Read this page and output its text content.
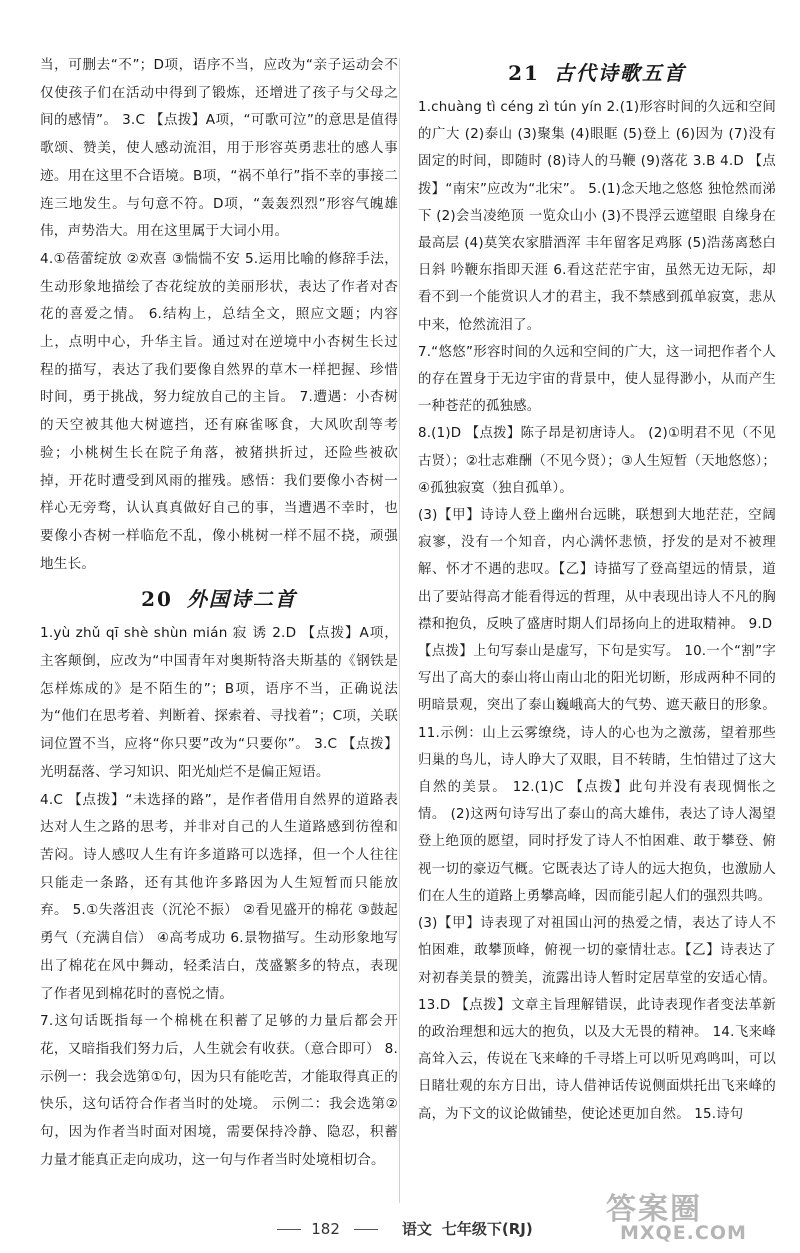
当，可删去“不”；D项，语序不当，应改为“亲子运动会不仅使孩子们在活动中得到了锻炼，还增进了孩子与父母之间的感情”。 3.C 【点拨】A项，“可歌可泣”的意思是值得歌颂、赞美，使人感动流泪，用于形容英勇悲壮的感人事迹。用在这里不合语境。B项，“祸不单行”指不幸的事接二连三地发生。与句意不符。D项，“轰轰烈烈”形容气魄雄伟，声势浩大。用在这里属于大词小用。

4.①蓓蕾绽放 ②欢喜 ③惴惴不安 5.运用比喻的修辞手法，生动形象地描绘了杏花绽放的美丽形状，表达了作者对杏花的喜爱之情。 6.结构上，总结全文，照应文题；内容上，点明中心，升华主旨。通过对在逆境中小杏树生长过程的描写，表达了我们要像自然界的草木一样把握、珍惜时间，勇于挑战，努力绽放自己的主旨。 7.遭遇：小杏树的天空被其他大树遮挡，还有麻雀啄食，大风吹刮等考验；小桃树生长在院子角落，被猪拱折过，还险些被砍掉，开花时遭受到风雨的摧残。感悟：我们要像小杏树一样心无旁骛，认认真真做好自己的事，当遭遇不幸时，也要像小杏树一样临危不乱，像小桃树一样不屈不挠，顽强地生长。

20 外国诗二首

1.yù zhǔ qī shè shùn mián 寂 诱 2.D 【点拨】A项，主客颠倒，应改为“中国青年对奥斯特洛夫斯基的《钢铁是怎样炼成的》是不陌生的”；B项，语序不当，正确说法为“他们在思考着、判断着、探索着、寻找着”；C项，关联词位置不当，应将“你只要”改为“只要你”。 3.C 【点拨】光明磊落、学习知识、阳光灿烂不是偏正短语。

4.C 【点拨】“未选择的路”，是作者借用自然界的道路表达对人生之路的思考，并非对自己的人生道路感到彷徨和苦闷。诗人感叹人生有许多道路可以选择，但一个人往往只能走一条路，还有其他许多路因为人生短暂而只能放弃。 5.①失落沮丧（沉沦不振） ②看见盛开的棉花 ③鼓起勇气（充满自信） ④高考成功 6.景物描写。生动形象地写出了棉花在风中舞动，轻柔洁白，茂盛繁多的特点，表现了作者见到棉花时的喜悦之情。

7.这句话既指每一个棉桃在积蓄了足够的力量后都会开花，又暗指我们努力后，人生就会有收获。（意合即可） 8.示例一：我会选第①句，因为只有能吃苦，才能取得真正的快乐，这句话符合作者当时的处境。 示例二：我会选第②句，因为作者当时面对困境，需要保持冷静、隐忍，积蓄力量才能真正走向成功，这一句与作者当时处境相切合。

21 古代诗歌五首

1.chuàng tì céng zì tún yín 2.(1)形容时间的久远和空间的广大 (2)泰山 (3)聚集 (4)眼眶 (5)登上 (6)因为 (7)没有固定的时间，即随时 (8)诗人的马鞭 (9)落花 3.B 4.D 【点拨】“南宋”应改为“北宋”。 5.(1)念天地之悠悠 独怆然而涕下 (2)会当凌绝顶 一览众山小 (3)不畏浮云遮望眼 自缘身在最高层 (4)莫笑农家腊酒浑 丰年留客足鸡豚 (5)浩荡离愁白日斜 吟鞭东指即天涯 6.看这茫茫宇宙，虽然无边无际，却看不到一个能赏识人才的君主，我不禁感到孤单寂寞，悲从中来，怆然流泪了。

7.“悠悠”形容时间的久远和空间的广大，这一词把作者个人的存在置身于无边宇宙的背景中，使人显得渺小，从而产生一种苍茫的孤独感。

8.(1)D 【点拨】陈子昂是初唐诗人。 (2)①明君不见（不见古贤）；②壮志难酬（不见今贤）；③人生短暂（天地悠悠）；④孤独寂寞（独自孤单）。

(3)【甲】诗诗人登上幽州台远眺，联想到大地茫茫，空阔寂寥，没有一个知音，内心满怀悲愤，抒发的是对不被理解、怀才不遇的悲叹。【乙】诗描写了登高望远的情景，道出了要站得高才能看得远的哲理，从中表现出诗人不凡的胸襟和抱负，反映了盛唐时期人们昂扬向上的进取精神。 9.D

【点拨】上句写泰山是虚写，下句是实写。 10.一个“割”字写出了高大的泰山将山南山北的阳光切断，形成两种不同的明暗景观，突出了泰山巍峨高大的气势、遮天蔽日的形象。 11.示例：山上云雾缭绕，诗人的心也为之激荡，望着那些归巢的鸟儿，诗人睁大了双眼，目不转睛，生怕错过了这大自然的美景。 12.(1)C 【点拨】此句并没有表现惆怅之情。 (2)这两句诗写出了泰山的高大雄伟，表达了诗人渴望登上绝顶的愿望，同时抒发了诗人不怕困难、敢于攀登、俯视一切的豪迈气概。它既表达了诗人的远大抱负，也激励人们在人生的道路上勇攀高峰，因而能引起人们的强烈共鸣。

(3)【甲】诗表现了对祖国山河的热爱之情，表达了诗人不怕困难，敢攀顶峰，俯视一切的豪情壮志。【乙】诗表达了对初春美景的赞美，流露出诗人暂时定居草堂的安适心情。 13.D 【点拨】文章主旨理解错误，此诗表现作者变法革新的政治理想和远大的抱负，以及大无畏的精神。 14.飞来峰高耸入云，传说在飞来峰的千寻塔上可以听见鸡鸣叫，可以日睹壮观的东方日出，诗人借神话传说侧面烘托出飞来峰的高，为下文的议论做铺垫，使论述更加自然。 15.诗句

182	语文 七年级下(RJ)
答案圈
MXQE.COM
